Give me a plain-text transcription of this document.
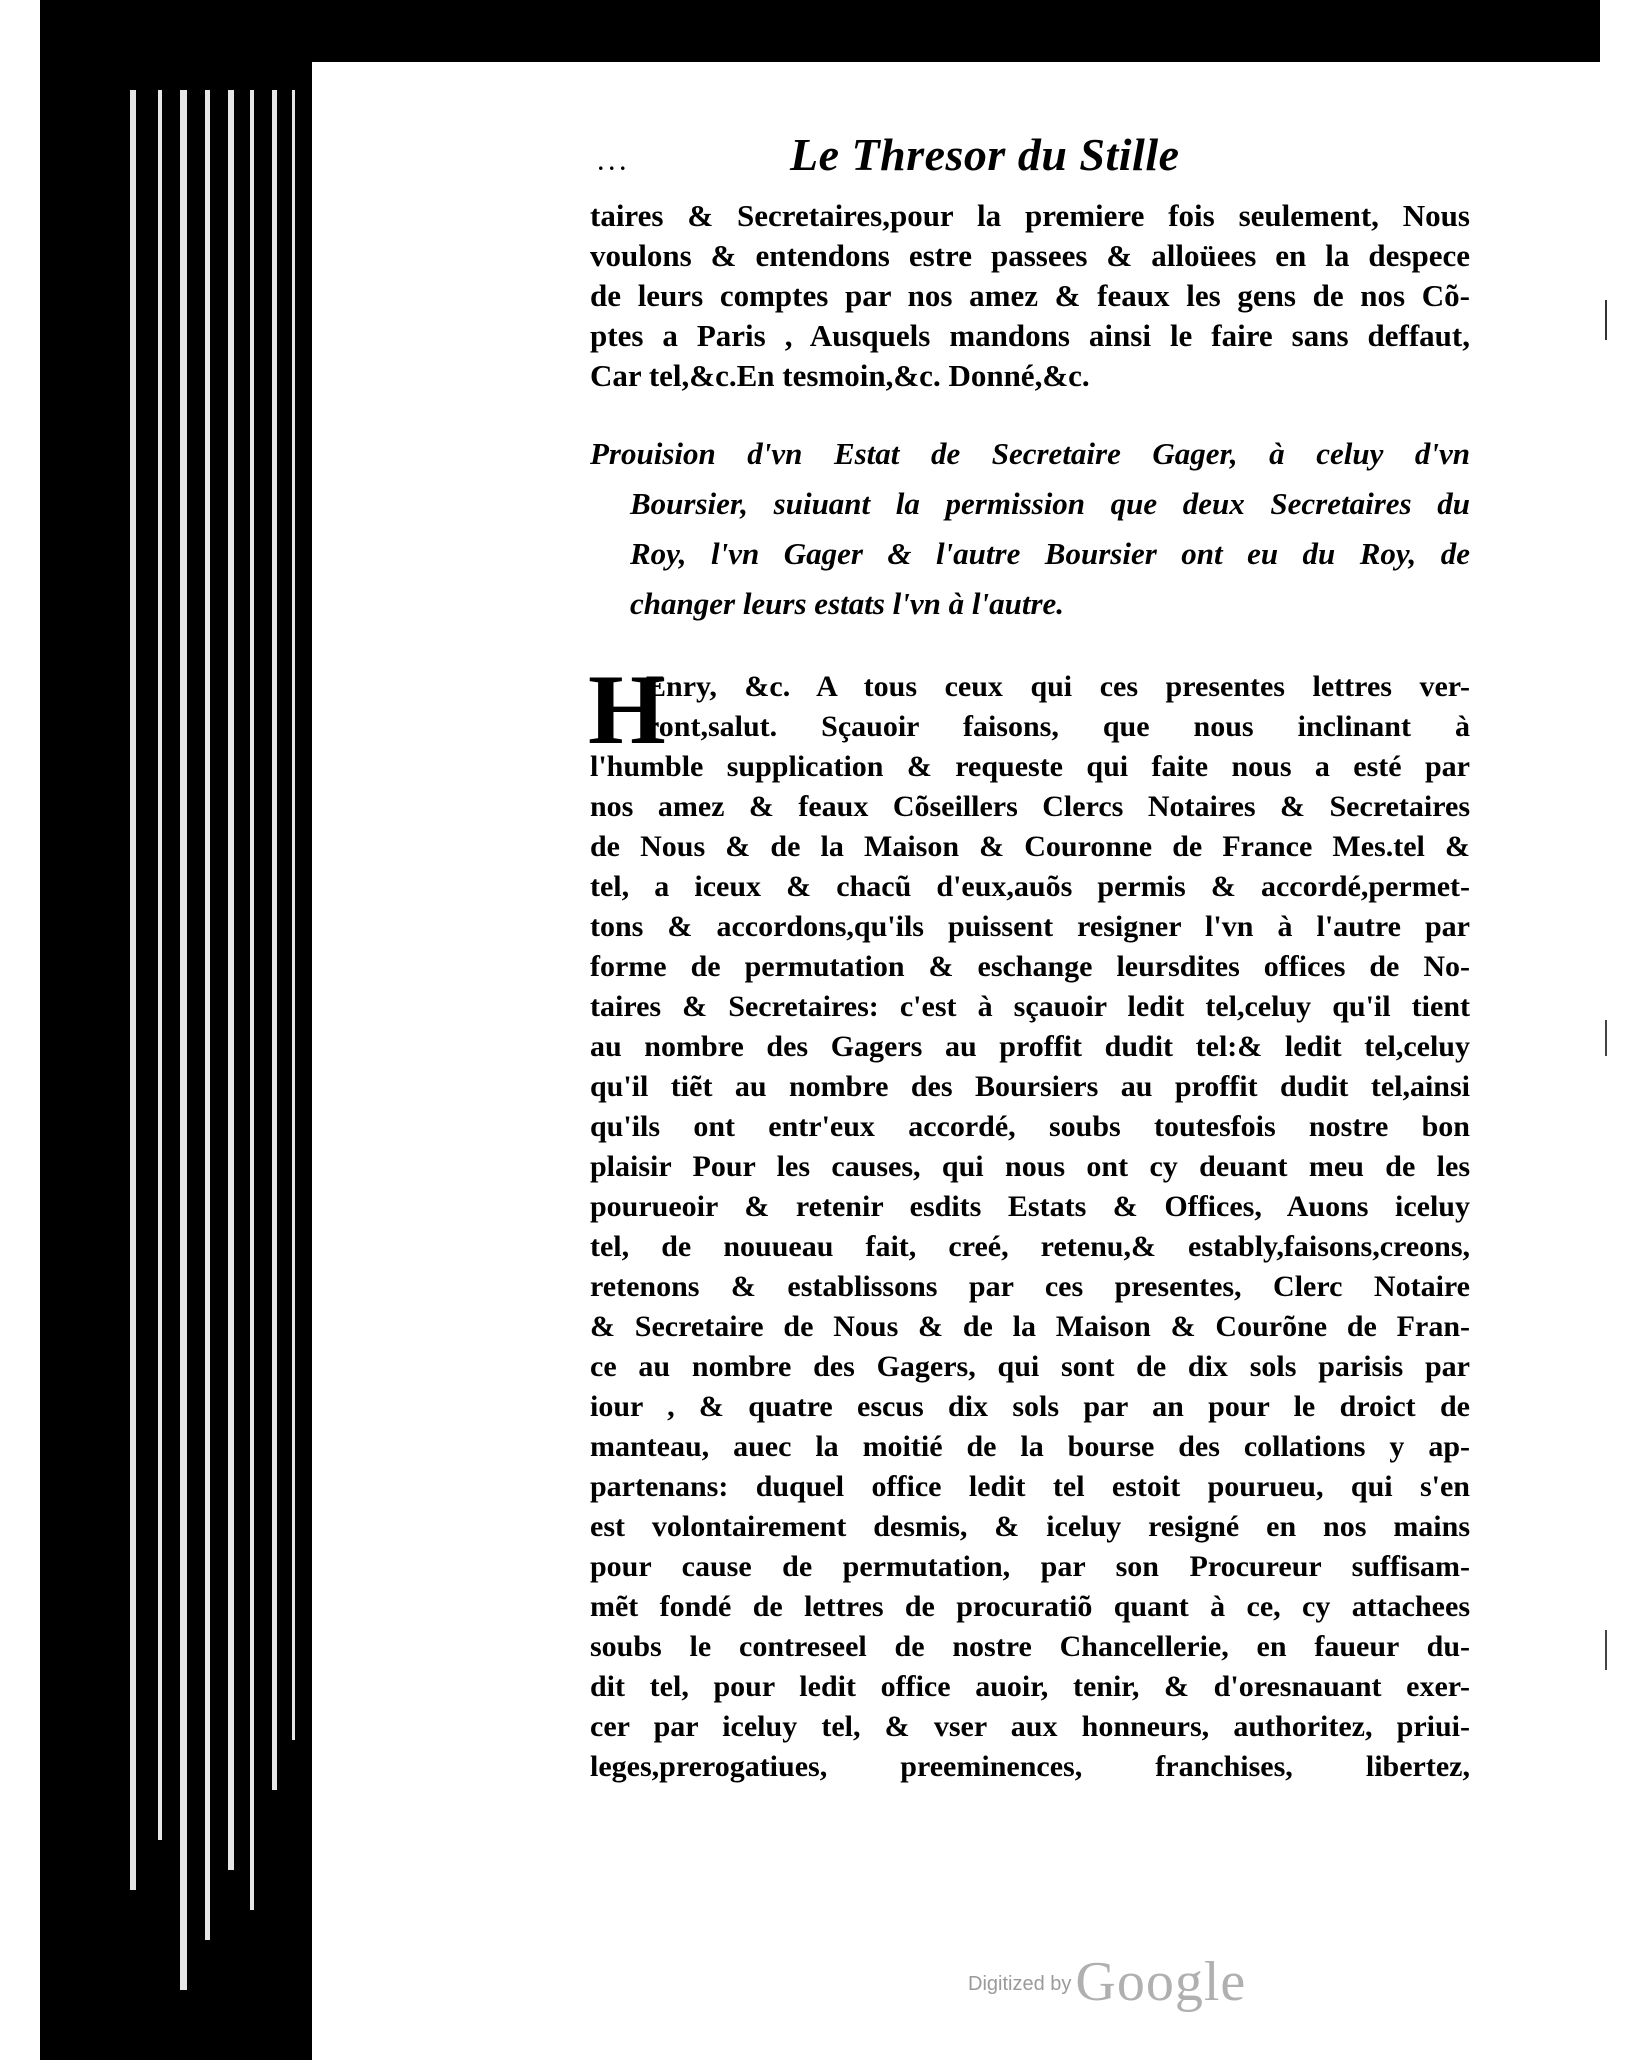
. . .	Le Thresor du Stille
taires & Secretaires,pour la premiere fois seulement, Nous
voulons & entendons estre passees & alloüees en la despece
de leurs comptes par nos amez & feaux les gens de nos Cõ-
ptes a Paris , Ausquels mandons ainsi le faire sans deffaut,
Car tel,&c.En tesmoin,&c. Donné,&c.
Prouision d'vn Estat de Secretaire Gager, à celuy d'vn
Boursier, suiuant la permission que deux Secretaires du
Roy, l'vn Gager & l'autre Boursier ont eu du Roy, de
changer leurs estats l'vn à l'autre.
H
Enry, &c. A tous ceux qui ces presentes lettres ver-
ront,salut. Sçauoir faisons, que nous inclinant à
l'humble supplication & requeste qui faite nous a esté par
nos amez & feaux Cõseillers Clercs Notaires & Secretaires
de Nous & de la Maison & Couronne de France Mes.tel &
tel, a iceux & chacũ d'eux,auõs permis & accordé,permet-
tons & accordons,qu'ils puissent resigner l'vn à l'autre par
forme de permutation & eschange leursdites offices de No-
taires & Secretaires: c'est à sçauoir ledit tel,celuy qu'il tient
au nombre des Gagers au proffit dudit tel:& ledit tel,celuy
qu'il tiẽt au nombre des Boursiers au proffit dudit tel,ainsi
qu'ils ont entr'eux accordé, soubs toutesfois nostre bon
plaisir Pour les causes, qui nous ont cy deuant meu de les
pourueoir & retenir esdits Estats & Offices, Auons iceluy
tel, de nouueau fait, creé, retenu,& estably,faisons,creons,
retenons & establissons par ces presentes, Clerc Notaire
& Secretaire de Nous & de la Maison & Courõne de Fran-
ce au nombre des Gagers, qui sont de dix sols parisis par
iour , & quatre escus dix sols par an pour le droict de
manteau, auec la moitié de la bourse des collations y ap-
partenans: duquel office ledit tel estoit pourueu, qui s'en
est volontairement desmis, & iceluy resigné en nos mains
pour cause de permutation, par son Procureur suffisam-
mẽt fondé de lettres de procuratiõ quant à ce, cy attachees
soubs le contreseel de nostre Chancellerie, en faueur du-
dit tel, pour ledit office auoir, tenir, & d'oresnauant exer-
cer par iceluy tel, & vser aux honneurs, authoritez, priui-
leges,prerogatiues, preeminences, franchises, libertez,
Digitized by Google
